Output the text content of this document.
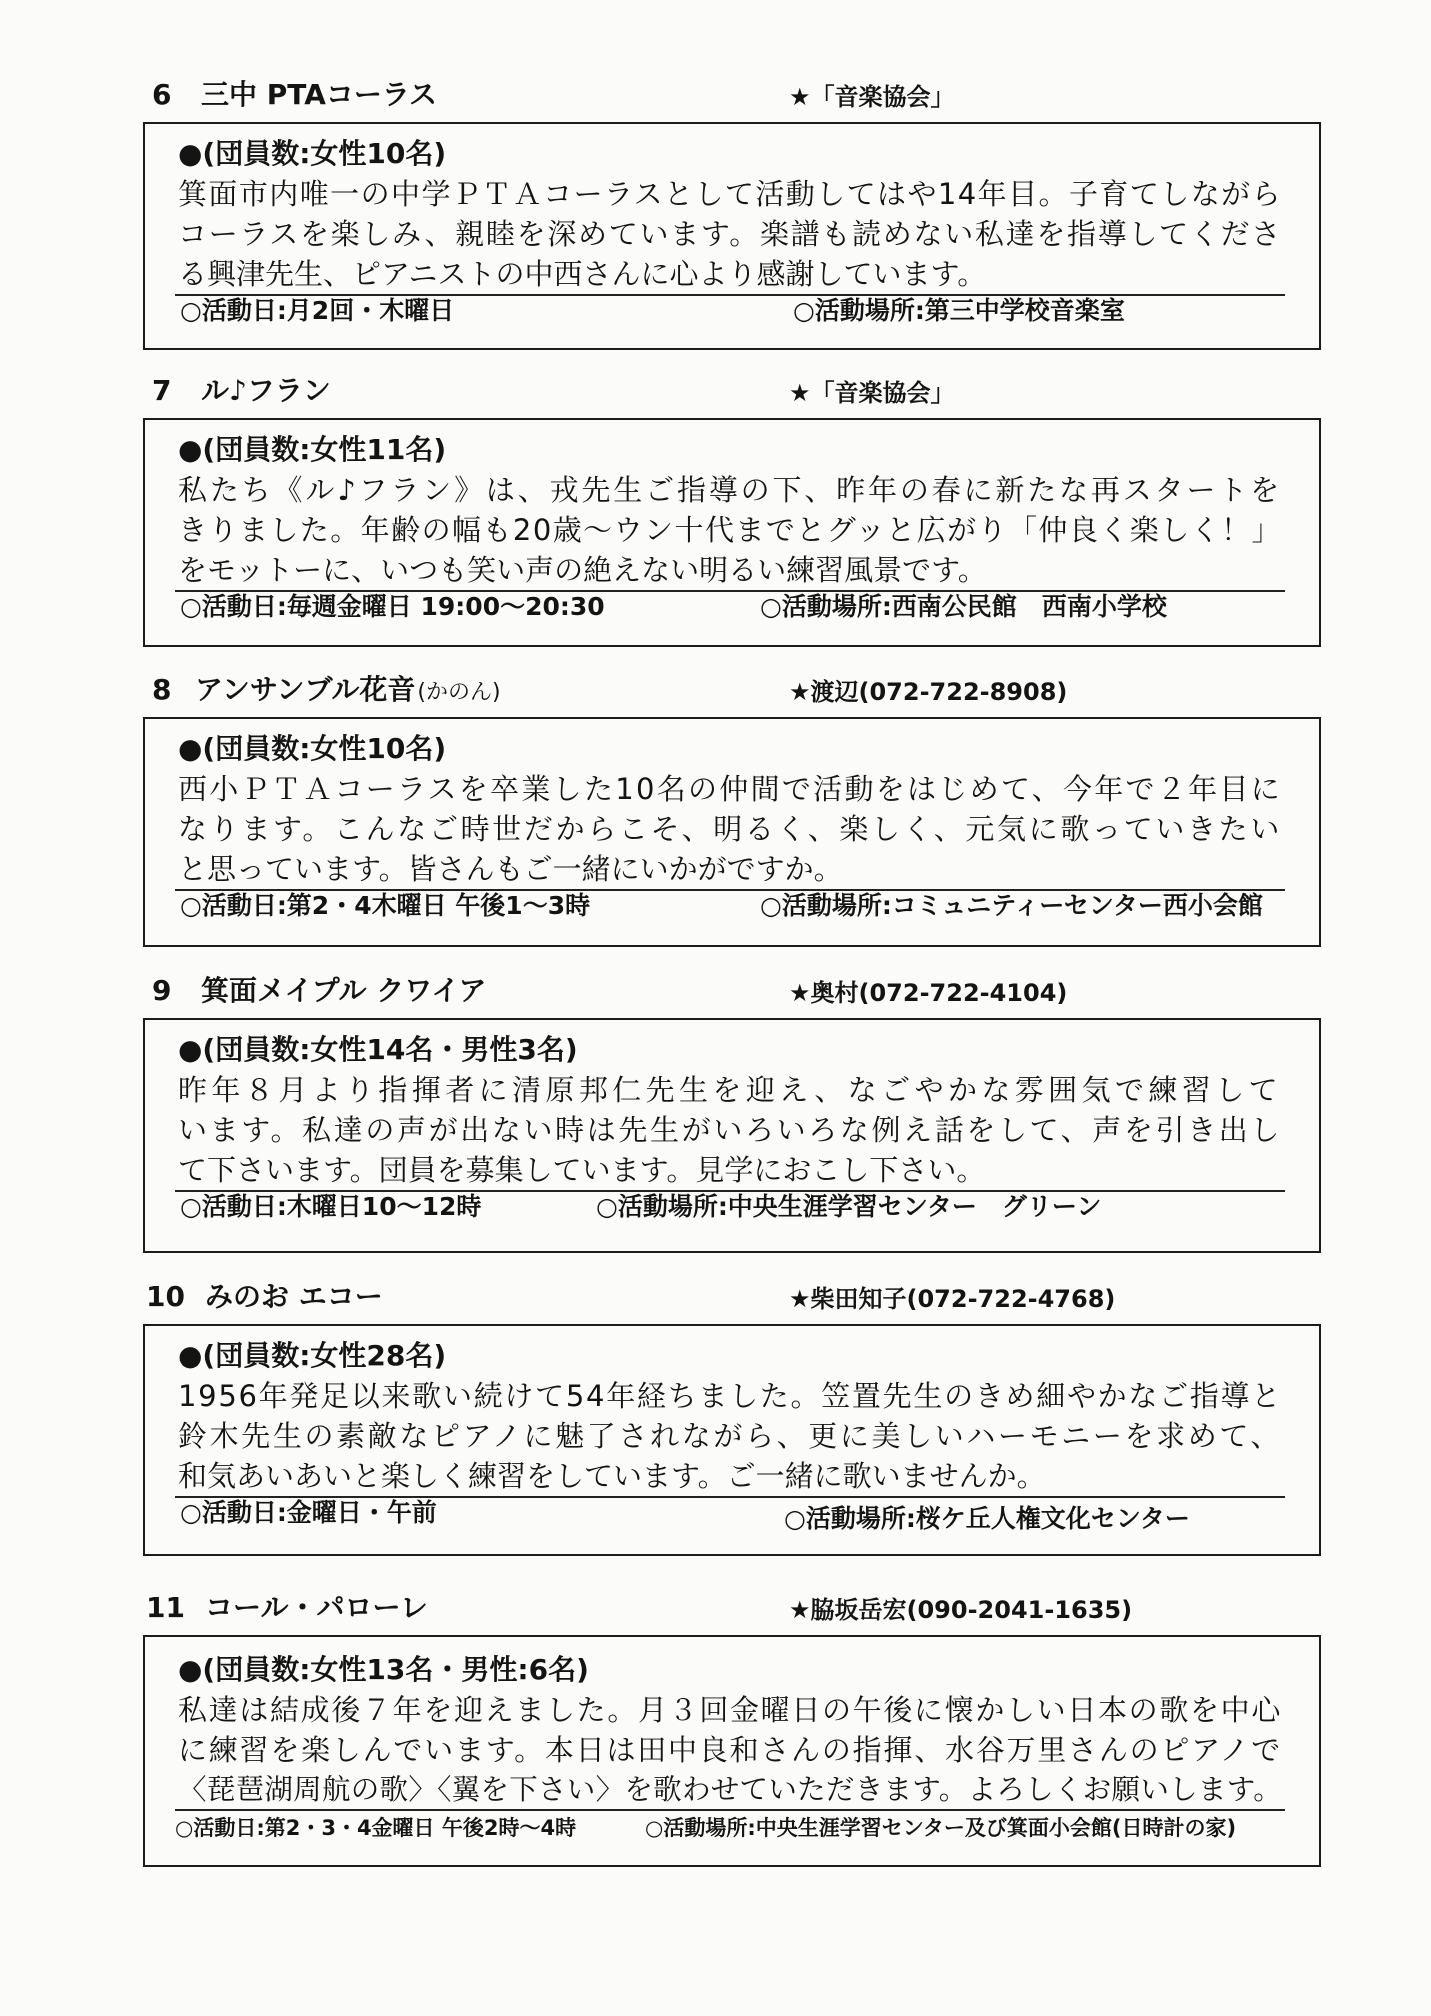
6 三中 PTAコーラス	★「音楽協会」
●(団員数:女性10名)
箕面市内唯一の中学ＰＴＡコーラスとして活動してはや14年目。子育てしながら
コーラスを楽しみ、親睦を深めています。楽譜も読めない私達を指導してくださ
る興津先生、ピアニストの中西さんに心より感謝しています。
○活動日:月2回・木曜日	○活動場所:第三中学校音楽室
7 ル♪フラン	★「音楽協会」
●(団員数:女性11名)
私たち《ル♪フラン》は、戎先生ご指導の下、昨年の春に新たな再スタートを
きりました。年齢の幅も20歳～ウン十代までとグッと広がり「仲良く楽しく！」
をモットーに、いつも笑い声の絶えない明るい練習風景です。
○活動日:毎週金曜日 19:00～20:30	○活動場所:西南公民館　西南小学校
8 アンサンブル花音 (かのん)	★渡辺(072-722-8908)
●(団員数:女性10名)
西小ＰＴＡコーラスを卒業した10名の仲間で活動をはじめて、今年で２年目に
なります。こんなご時世だからこそ、明るく、楽しく、元気に歌っていきたい
と思っています。皆さんもご一緒にいかがですか。
○活動日:第2・4木曜日 午後1～3時	○活動場所:コミュニティーセンター西小会館
9 箕面メイプル クワイア	★奥村(072-722-4104)
●(団員数:女性14名・男性3名)
昨年８月より指揮者に清原邦仁先生を迎え、なごやかな雰囲気で練習して
います。私達の声が出ない時は先生がいろいろな例え話をして、声を引き出し
て下さいます。団員を募集しています。見学におこし下さい。
○活動日:木曜日10～12時	○活動場所:中央生涯学習センター　グリーン
10 みのお エコー	★柴田知子(072-722-4768)
●(団員数:女性28名)
1956年発足以来歌い続けて54年経ちました。笠置先生のきめ細やかなご指導と
鈴木先生の素敵なピアノに魅了されながら、更に美しいハーモニーを求めて、
和気あいあいと楽しく練習をしています。ご一緒に歌いませんか。
○活動日:金曜日・午前	○活動場所:桜ケ丘人権文化センター
11 コール・パローレ	★脇坂岳宏(090-2041-1635)
●(団員数:女性13名・男性:6名)
私達は結成後７年を迎えました。月３回金曜日の午後に懐かしい日本の歌を中心
に練習を楽しんでいます。本日は田中良和さんの指揮、水谷万里さんのピアノで
〈琵琶湖周航の歌〉〈翼を下さい〉を歌わせていただきます。よろしくお願いします。
○活動日:第2・3・4金曜日 午後2時～4時	○活動場所:中央生涯学習センター及び箕面小会館(日時計の家)
